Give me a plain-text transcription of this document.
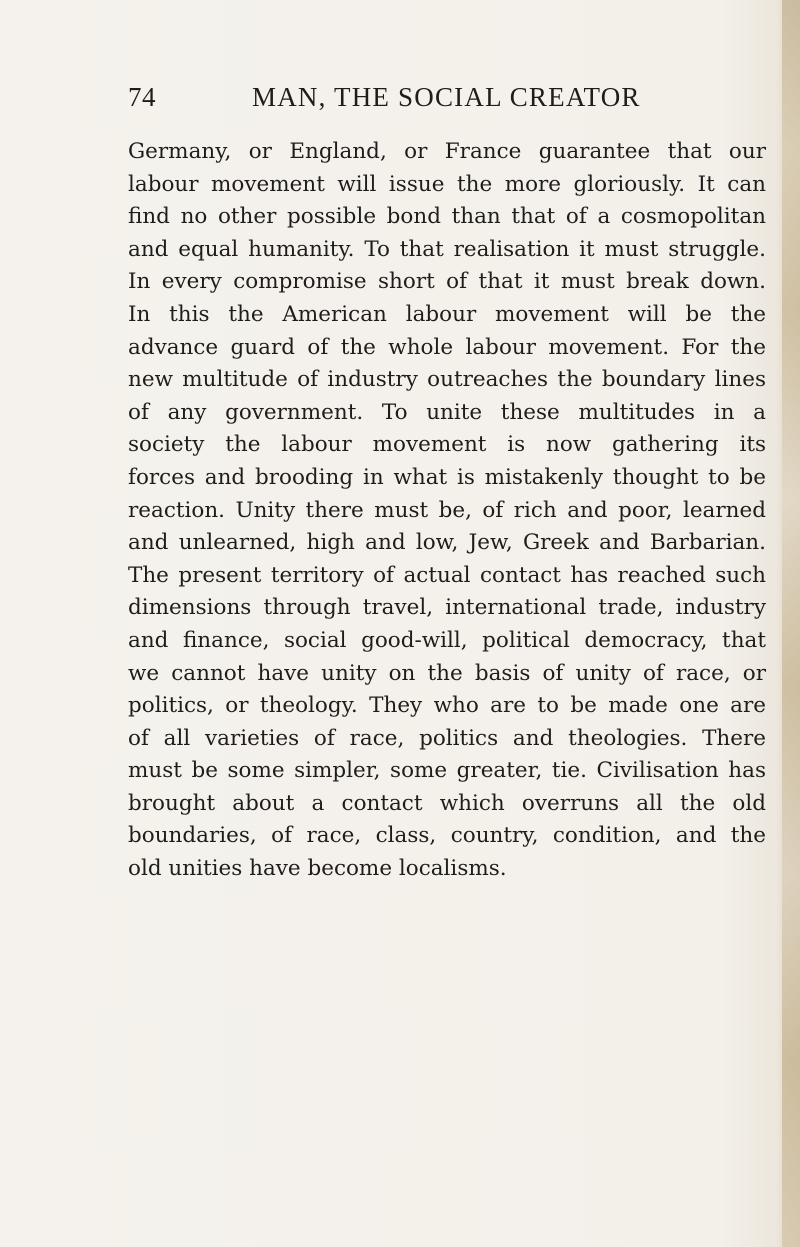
74	MAN, THE SOCIAL CREATOR
Germany, or England, or France guarantee that our
labour movement will issue the more gloriously. It can
find no other possible bond than that of a cosmopolitan
and equal humanity. To that realisation it must struggle.
In every compromise short of that it must break down.
In this the American labour movement will be the
advance guard of the whole labour movement. For the
new multitude of industry outreaches the boundary lines
of any government. To unite these multitudes in a
society the labour movement is now gathering its
forces and brooding in what is mistakenly thought to be
reaction. Unity there must be, of rich and poor, learned
and unlearned, high and low, Jew, Greek and Barbarian.
The present territory of actual contact has reached such
dimensions through travel, international trade, industry
and finance, social good-will, political democracy, that
we cannot have unity on the basis of unity of race, or
politics, or theology. They who are to be made one are
of all varieties of race, politics and theologies. There
must be some simpler, some greater, tie. Civilisation has
brought about a contact which overruns all the old
boundaries, of race, class, country, condition, and the
old unities have become localisms.
